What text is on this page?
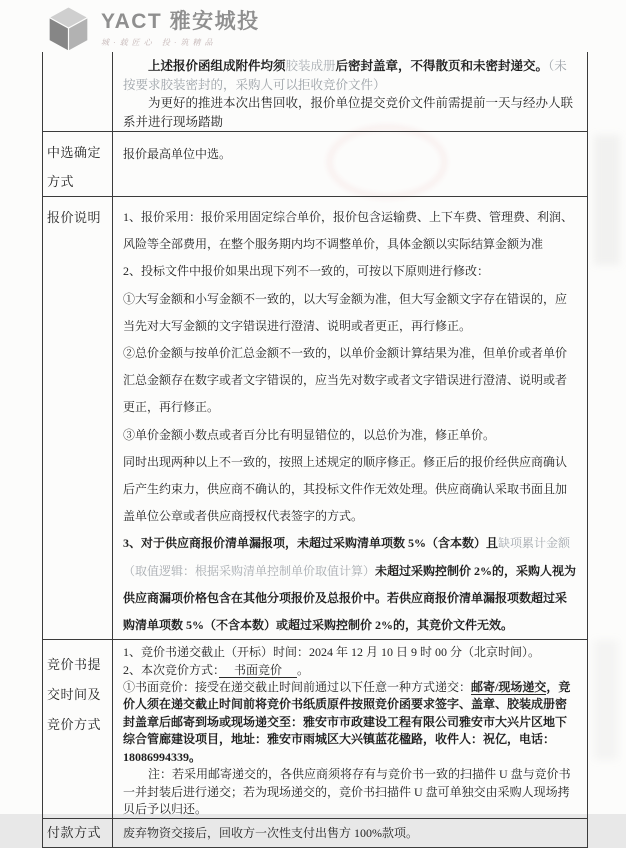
YACT 雅安城投
城·载匠心 投·筑精品

上述报价函组成附件均须胶装成册后密封盖章，不得散页和未密封递交。（未按要求胶装密封的，采购人可以拒收竞价文件）

为更好的推进本次出售回收，报价单位提交竞价文件前需提前一天与经办人联系并进行现场踏勘

中选确定方式

报价最高单位中选。

报价说明	1、报价采用：报价采用固定综合单价，报价包含运输费、上下车费、管理费、利润、风险等全部费用，在整个服务期内均不调整单价，具体金额以实际结算金额为准

2、投标文件中报价如果出现下列不一致的，可按以下原则进行修改：

①大写金额和小写金额不一致的，以大写金额为准，但大写金额文字存在错误的，应当先对大写金额的文字错误进行澄清、说明或者更正，再行修正。

②总价金额与按单价汇总金额不一致的，以单价金额计算结果为准，但单价或者单价汇总金额存在数字或者文字错误的，应当先对数字或者文字错误进行澄清、说明或者更正，再行修正。

③单价金额小数点或者百分比有明显错位的，以总价为准，修正单价。

同时出现两种以上不一致的，按照上述规定的顺序修正。修正后的报价经供应商确认后产生约束力，供应商不确认的，其投标文件作无效处理。供应商确认采取书面且加盖单位公章或者供应商授权代表签字的方式。

3、对于供应商报价清单漏报项，未超过采购清单项数 5%（含本数）且缺项累计金额（取值逻辑：根据采购清单控制单价取值计算）未超过采购控制价 2%的，采购人视为供应商漏项价格包含在其他分项报价及总报价中。若供应商报价清单漏报项数超过采购清单项数 5%（不含本数）或超过采购控制价 2%的，其竞价文件无效。

竞价书提交时间及竞价方式

1、竞价书递交截止（开标）时间：2024 年 12 月 10 日 9 时 00 分（北京时间）。

2、本次竞价方式：　 书面竞价 　。

①书面竞价：接受在递交截止时间前通过以下任意一种方式递交：邮寄/现场递交，竞价人须在递交截止时间前将竞价书纸质原件按照竞价函要求签字、盖章、胶装成册密封盖章后邮寄到场或现场递交至：雅安市市政建设工程有限公司雅安市大兴片区地下综合管廊建设项目，地址：雅安市雨城区大兴镇蓝花楹路，收件人：祝亿，电话：18086994339。

注：若采用邮寄递交的，各供应商须将存有与竞价书一致的扫描件 U 盘与竞价书一并封装后进行递交；若为现场递交的，竞价书扫描件 U 盘可单独交由采购人现场拷贝后予以归还。

付款方式	废弃物资交接后，回收方一次性支付出售方 100%款项。
